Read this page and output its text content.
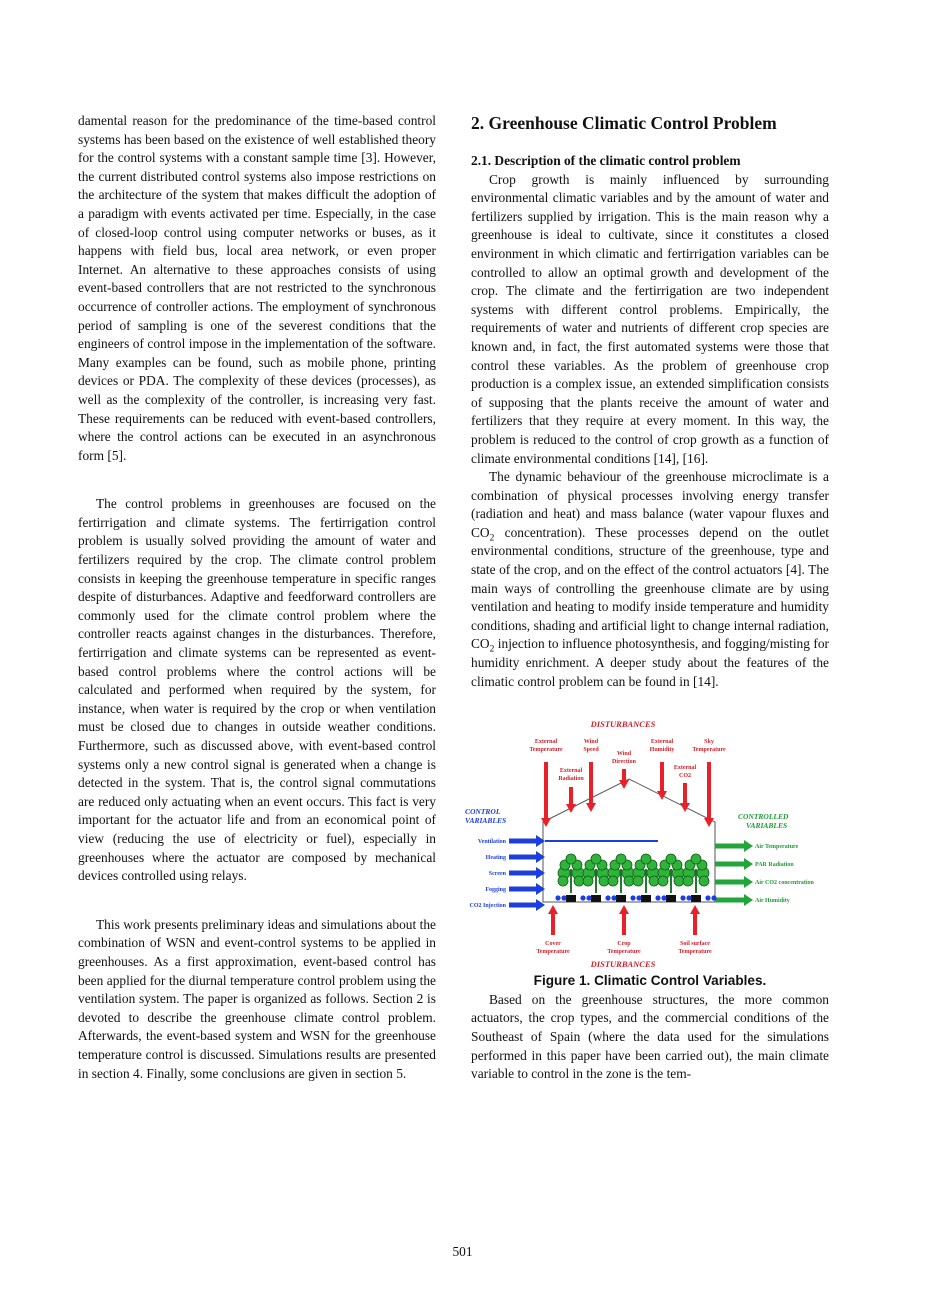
damental reason for the predominance of the time-based control systems has been based on the existence of well established theory for the control systems with a constant sample time [3]. However, the current distributed control systems also impose restrictions on the architecture of the system that makes difficult the adoption of a paradigm with events activated per time. Especially, in the case of closed-loop control using computer networks or buses, as it happens with field bus, local area network, or even proper Internet. An alternative to these approaches consists of using event-based controllers that are not restricted to the synchronous occurrence of controller actions. The employment of synchronous period of sampling is one of the severest conditions that the engineers of control impose in the implementation of the software. Many examples can be found, such as mobile phone, printing devices or PDA. The complexity of these devices (processes), as well as the complexity of the controller, is increasing very fast. These requirements can be reduced with event-based controllers, where the control actions can be executed in an asynchronous form [5].

The control problems in greenhouses are focused on the fertirrigation and climate systems. The fertirrigation control problem is usually solved providing the amount of water and fertilizers required by the crop. The climate control problem consists in keeping the greenhouse temperature in specific ranges despite of disturbances. Adaptive and feedforward controllers are commonly used for the climate control problem where the controller reacts against changes in the disturbances. Therefore, fertirrigation and climate systems can be represented as event-based control problems where the control actions will be calculated and performed when required by the system, for instance, when water is required by the crop or when ventilation must be closed due to changes in outside weather conditions. Furthermore, such as discussed above, with event-based control systems only a new control signal is generated when a change is detected in the system. That is, the control signal commutations are reduced only actuating when an event occurs. This fact is very important for the actuator life and from an economical point of view (reducing the use of electricity or fuel), especially in greenhouses where the actuator are composed by mechanical devices controlled using relays.

This work presents preliminary ideas and simulations about the combination of WSN and event-control systems to be applied in greenhouses. As a first approximation, event-based control has been applied for the diurnal temperature control problem using the ventilation system. The paper is organized as follows. Section 2 is devoted to describe the greenhouse climate control problem. Afterwards, the event-based system and WSN for the greenhouse temperature control is discussed. Simulations results are presented in section 4. Finally, some conclusions are given in section 5.

2. Greenhouse Climatic Control Problem
2.1. Description of the climatic control problem

Crop growth is mainly influenced by surrounding environmental climatic variables and by the amount of water and fertilizers supplied by irrigation. This is the main reason why a greenhouse is ideal to cultivate, since it constitutes a closed environment in which climatic and fertirrigation variables can be controlled to allow an optimal growth and development of the crop. The climate and the fertirrigation are two independent systems with different control problems. Empirically, the requirements of water and nutrients of different crop species are known and, in fact, the first automated systems were those that control these variables. As the problem of greenhouse crop production is a complex issue, an extended simplification consists of supposing that the plants receive the amount of water and fertilizers that they require at every moment. In this way, the problem is reduced to the control of crop growth as a function of climate environmental conditions [14], [16].

The dynamic behaviour of the greenhouse microclimate is a combination of physical processes involving energy transfer (radiation and heat) and mass balance (water vapour fluxes and $CO_2$ concentration). These processes depend on the outlet environmental conditions, structure of the greenhouse, type and state of the crop, and on the effect of the control actuators [4]. The main ways of controlling the greenhouse climate are by using ventilation and heating to modify inside temperature and humidity conditions, shading and artificial light to change internal radiation, $CO_2$ injection to influence photosynthesis, and fogging/misting for humidity enrichment. A deeper study about the features of the climatic control problem can be found in [14].

DISTURBANCES
External
Temperature
Wind
Speed
Wind
Direction
External
Humidity
Sky
Temperature
External
Radiation
External
CO2
CONTROL
VARIABLES
Ventilation
Heating
Screen
Fogging
CO2 Injection
CONTROLLED
VARIABLES
Air Temperature
PAR Radiation
Air CO2 concentration
Air Humidity
Cover
Temperature
Crop
Temperature
Soil surface
Temperature
DISTURBANCES

Figure 1. Climatic Control Variables.

Based on the greenhouse structures, the more common actuators, the crop types, and the commercial conditions of the Southeast of Spain (where the data used for the simulations performed in this paper have been carried out), the main climate variable to control in the zone is the tem-

501
